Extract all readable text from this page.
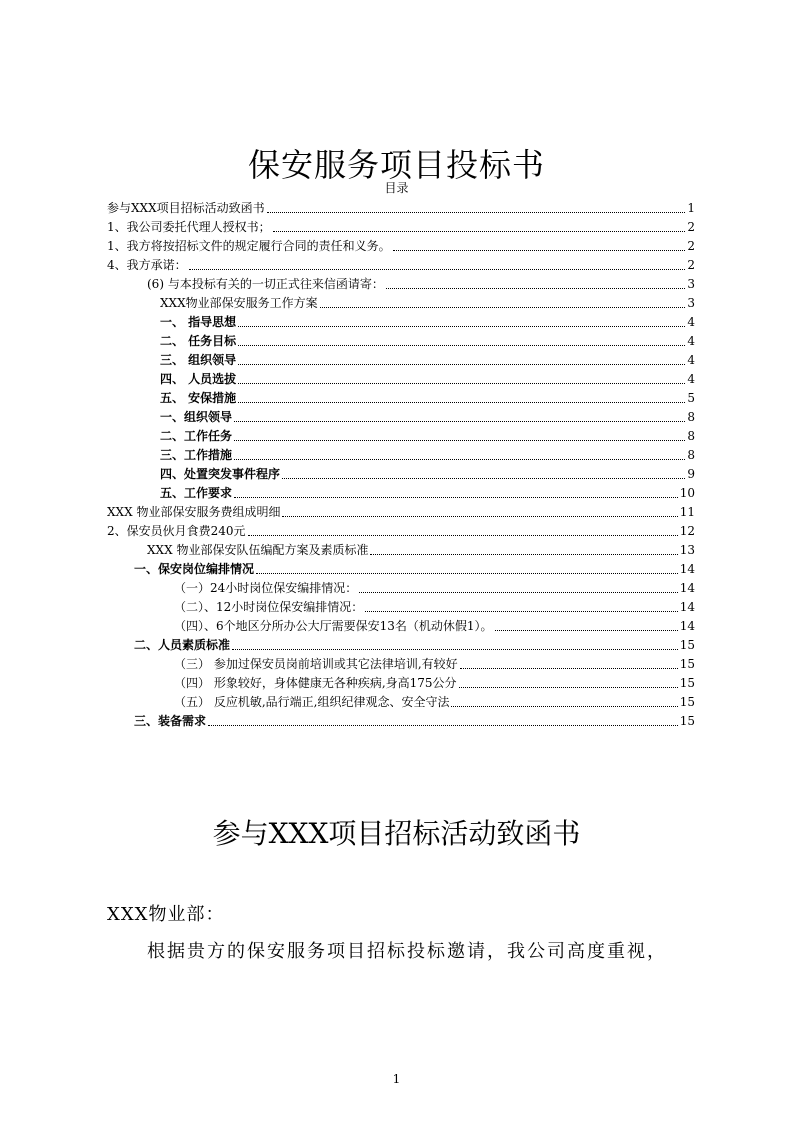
保安服务项目投标书
目录
参与XXX项目招标活动致函书	1
1、我公司委托代理人授权书；	2
1、我方将按招标文件的规定履行合同的责任和义务。	2
4、我方承诺：	2
(6) 与本投标有关的一切正式往来信函请寄：	3
XXX物业部保安服务工作方案	3
一、 指导思想	4
二、 任务目标	4
三、 组织领导	4
四、 人员选拔	4
五、 安保措施	5
一、组织领导	8
二、工作任务	8
三、工作措施	8
四、处置突发事件程序	9
五、工作要求	10
XXX 物业部保安服务费组成明细	11
2、保安员伙月食费240元	12
XXX 物业部保安队伍编配方案及素质标准	13
一、保安岗位编排情况	14
（一）24小时岗位保安编排情况：	14
（二）、12小时岗位保安编排情况：	14
（四）、6个地区分所办公大厅需要保安13名（机动休假1）。	14
二、人员素质标准	15
（三） 参加过保安员岗前培训或其它法律培训,有较好	15
（四） 形象较好，身体健康无各种疾病,身高175公分	15
（五） 反应机敏,品行端正,组织纪律观念、安全守法	15
三、装备需求	15
参与XXX项目招标活动致函书
XXX物业部：
根据贵方的保安服务项目招标投标邀请，我公司高度重视，
1
